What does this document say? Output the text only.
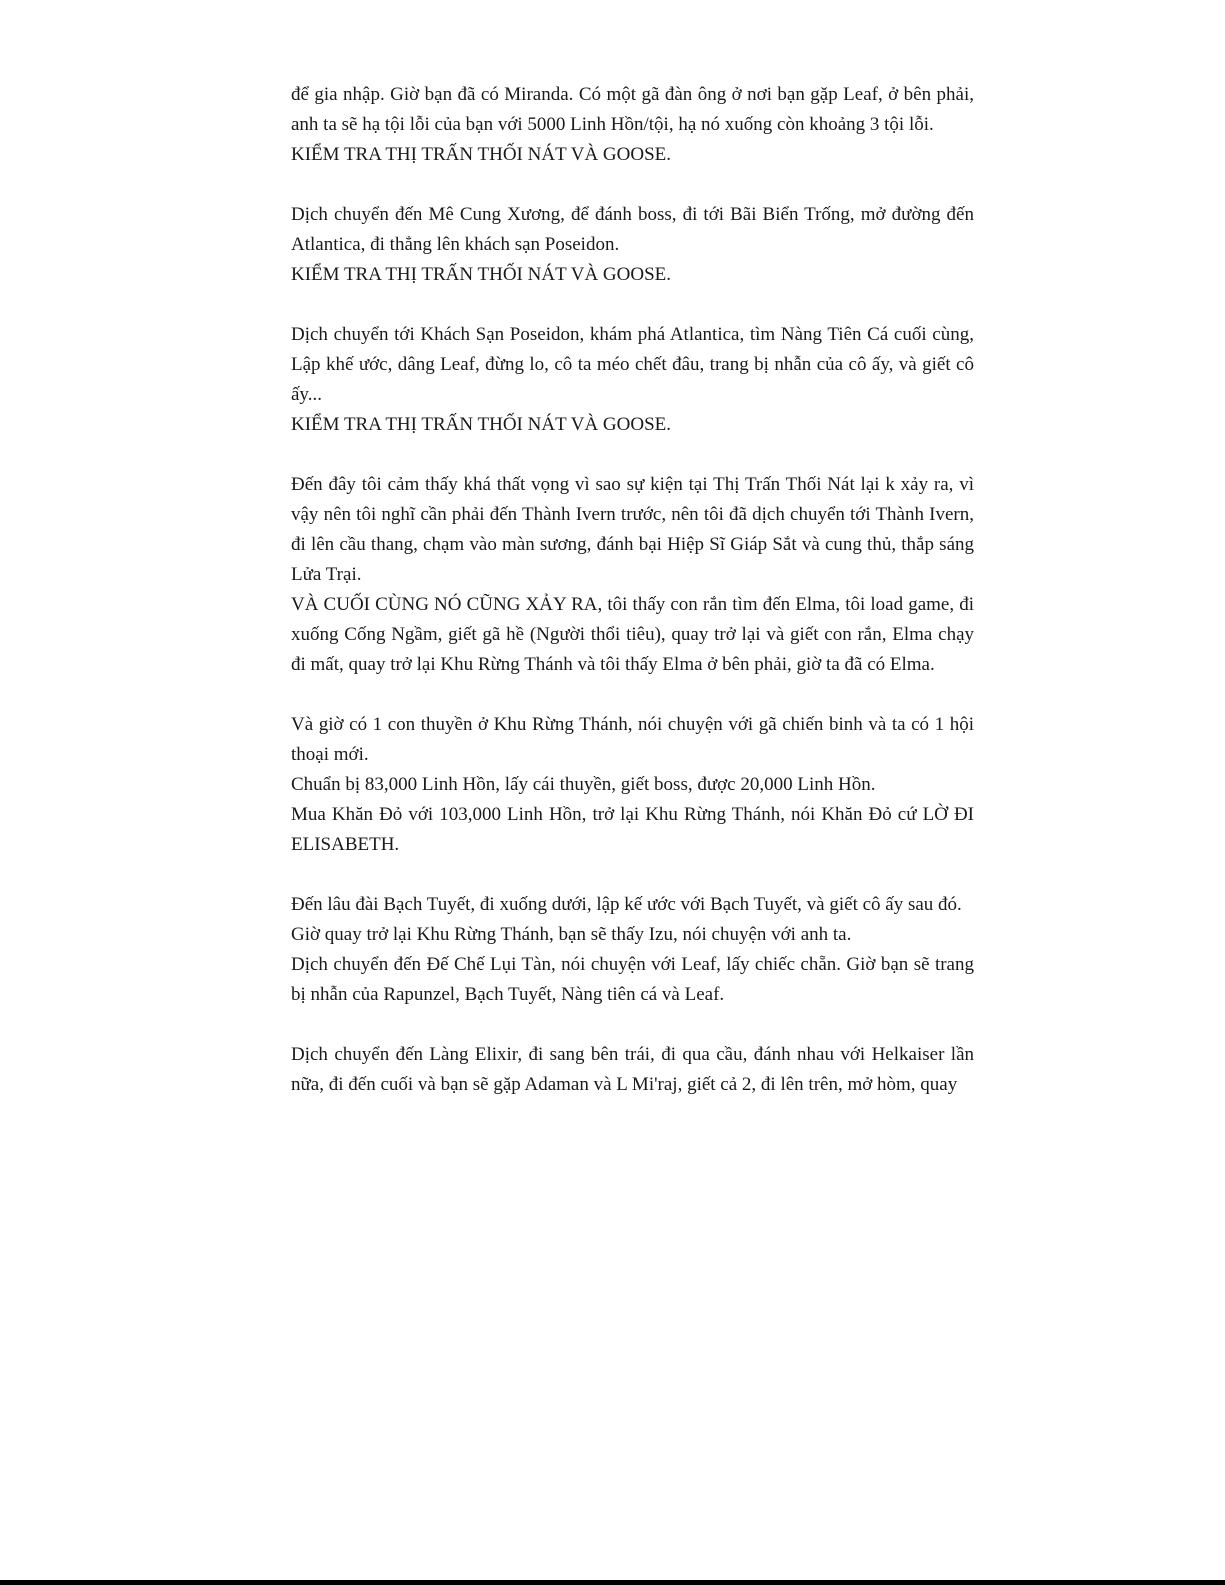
để gia nhập. Giờ bạn đã có Miranda. Có một gã đàn ông ở nơi bạn gặp Leaf, ở bên phải, anh ta sẽ hạ tội lỗi của bạn với 5000 Linh Hồn/tội, hạ nó xuống còn khoảng 3 tội lỗi.

KIỂM TRA THỊ TRẤN THỐI NÁT VÀ GOOSE.

Dịch chuyển đến Mê Cung Xương, để đánh boss, đi tới Bãi Biển Trống, mở đường đến Atlantica, đi thẳng lên khách sạn Poseidon.

KIỂM TRA THỊ TRẤN THỐI NÁT VÀ GOOSE.

Dịch chuyển tới Khách Sạn Poseidon, khám phá Atlantica, tìm Nàng Tiên Cá cuối cùng, Lập khế ước, dâng Leaf, đừng lo, cô ta méo chết đâu, trang bị nhẫn của cô ấy, và giết cô ấy...

KIỂM TRA THỊ TRẤN THỐI NÁT VÀ GOOSE.

Đến đây tôi cảm thấy khá thất vọng vì sao sự kiện tại Thị Trấn Thối Nát lại k xảy ra, vì vậy nên tôi nghĩ cần phải đến Thành Ivern trước, nên tôi đã dịch chuyển tới Thành Ivern, đi lên cầu thang, chạm vào màn sương, đánh bại Hiệp Sĩ Giáp Sắt và cung thủ, thắp sáng Lửa Trại.

VÀ CUỐI CÙNG NÓ CŨNG XẢY RA, tôi thấy con rắn tìm đến Elma, tôi load game, đi xuống Cống Ngầm, giết gã hề (Người thổi tiêu), quay trở lại và giết con rắn, Elma chạy đi mất, quay trở lại Khu Rừng Thánh và tôi thấy Elma ở bên phải, giờ ta đã có Elma.

Và giờ có 1 con thuyền ở Khu Rừng Thánh, nói chuyện với gã chiến binh và ta có 1 hội thoại mới.

Chuẩn bị 83,000 Linh Hồn, lấy cái thuyền, giết boss, được 20,000 Linh Hồn.

Mua Khăn Đỏ với 103,000 Linh Hồn, trở lại Khu Rừng Thánh, nói Khăn Đỏ cứ LỜ ĐI ELISABETH.

Đến lâu đài Bạch Tuyết, đi xuống dưới, lập kế ước với Bạch Tuyết, và giết cô ấy sau đó.

Giờ quay trở lại Khu Rừng Thánh, bạn sẽ thấy Izu, nói chuyện với anh ta.

Dịch chuyển đến Đế Chế Lụi Tàn, nói chuyện với Leaf, lấy chiếc chẵn. Giờ bạn sẽ trang bị nhẫn của Rapunzel, Bạch Tuyết, Nàng tiên cá và Leaf.

Dịch chuyển đến Làng Elixir, đi sang bên trái, đi qua cầu, đánh nhau với Helkaiser lần nữa, đi đến cuối và bạn sẽ gặp Adaman và L Mi'raj, giết cả 2, đi lên trên, mở hòm, quay
